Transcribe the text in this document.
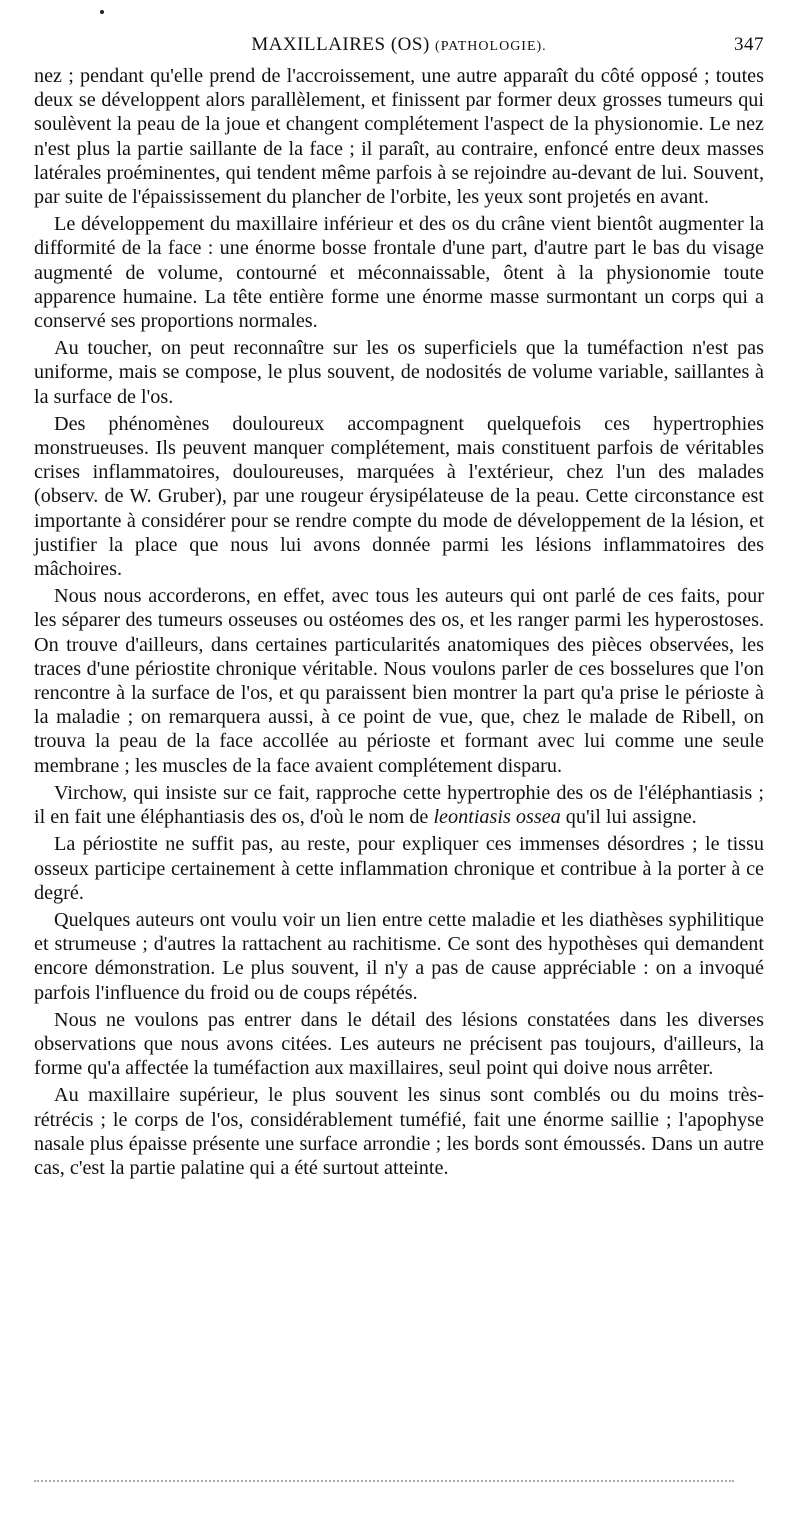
MAXILLAIRES (OS) (PATHOLOGIE).	347

nez ; pendant qu'elle prend de l'accroissement, une autre apparaît du côté opposé ; toutes deux se développent alors parallèlement, et finissent par former deux grosses tumeurs qui soulèvent la peau de la joue et changent complétement l'aspect de la physionomie. Le nez n'est plus la partie saillante de la face ; il paraît, au contraire, enfoncé entre deux masses latérales proéminentes, qui tendent même parfois à se rejoindre au-devant de lui. Souvent, par suite de l'épaississement du plancher de l'orbite, les yeux sont projetés en avant.

Le développement du maxillaire inférieur et des os du crâne vient bientôt augmenter la difformité de la face : une énorme bosse frontale d'une part, d'autre part le bas du visage augmenté de volume, contourné et méconnaissable, ôtent à la physionomie toute apparence humaine. La tête entière forme une énorme masse surmontant un corps qui a conservé ses proportions normales.

Au toucher, on peut reconnaître sur les os superficiels que la tuméfaction n'est pas uniforme, mais se compose, le plus souvent, de nodosités de volume variable, saillantes à la surface de l'os.

Des phénomènes douloureux accompagnent quelquefois ces hypertrophies monstrueuses. Ils peuvent manquer complétement, mais constituent parfois de véritables crises inflammatoires, douloureuses, marquées à l'extérieur, chez l'un des malades (observ. de W. Gruber), par une rougeur érysipélateuse de la peau. Cette circonstance est importante à considérer pour se rendre compte du mode de développement de la lésion, et justifier la place que nous lui avons donnée parmi les lésions inflammatoires des mâchoires.

Nous nous accorderons, en effet, avec tous les auteurs qui ont parlé de ces faits, pour les séparer des tumeurs osseuses ou ostéomes des os, et les ranger parmi les hyperostoses. On trouve d'ailleurs, dans certaines particularités anatomiques des pièces observées, les traces d'une périostite chronique véritable. Nous voulons parler de ces bosselures que l'on rencontre à la surface de l'os, et qu paraissent bien montrer la part qu'a prise le périoste à la maladie ; on remarquera aussi, à ce point de vue, que, chez le malade de Ribell, on trouva la peau de la face accollée au périoste et formant avec lui comme une seule membrane ; les muscles de la face avaient complétement disparu.

Virchow, qui insiste sur ce fait, rapproche cette hypertrophie des os de l'éléphantiasis ; il en fait une éléphantiasis des os, d'où le nom de leontiasis ossea qu'il lui assigne.

La périostite ne suffit pas, au reste, pour expliquer ces immenses désordres ; le tissu osseux participe certainement à cette inflammation chronique et contribue à la porter à ce degré.

Quelques auteurs ont voulu voir un lien entre cette maladie et les diathèses syphilitique et strumeuse ; d'autres la rattachent au rachitisme. Ce sont des hypothèses qui demandent encore démonstration. Le plus souvent, il n'y a pas de cause appréciable : on a invoqué parfois l'influence du froid ou de coups répétés.

Nous ne voulons pas entrer dans le détail des lésions constatées dans les diverses observations que nous avons citées. Les auteurs ne précisent pas toujours, d'ailleurs, la forme qu'a affectée la tuméfaction aux maxillaires, seul point qui doive nous arrêter.

Au maxillaire supérieur, le plus souvent les sinus sont comblés ou du moins très-rétrécis ; le corps de l'os, considérablement tuméfié, fait une énorme saillie ; l'apophyse nasale plus épaisse présente une surface arrondie ; les bords sont émoussés. Dans un autre cas, c'est la partie palatine qui a été surtout atteinte.
